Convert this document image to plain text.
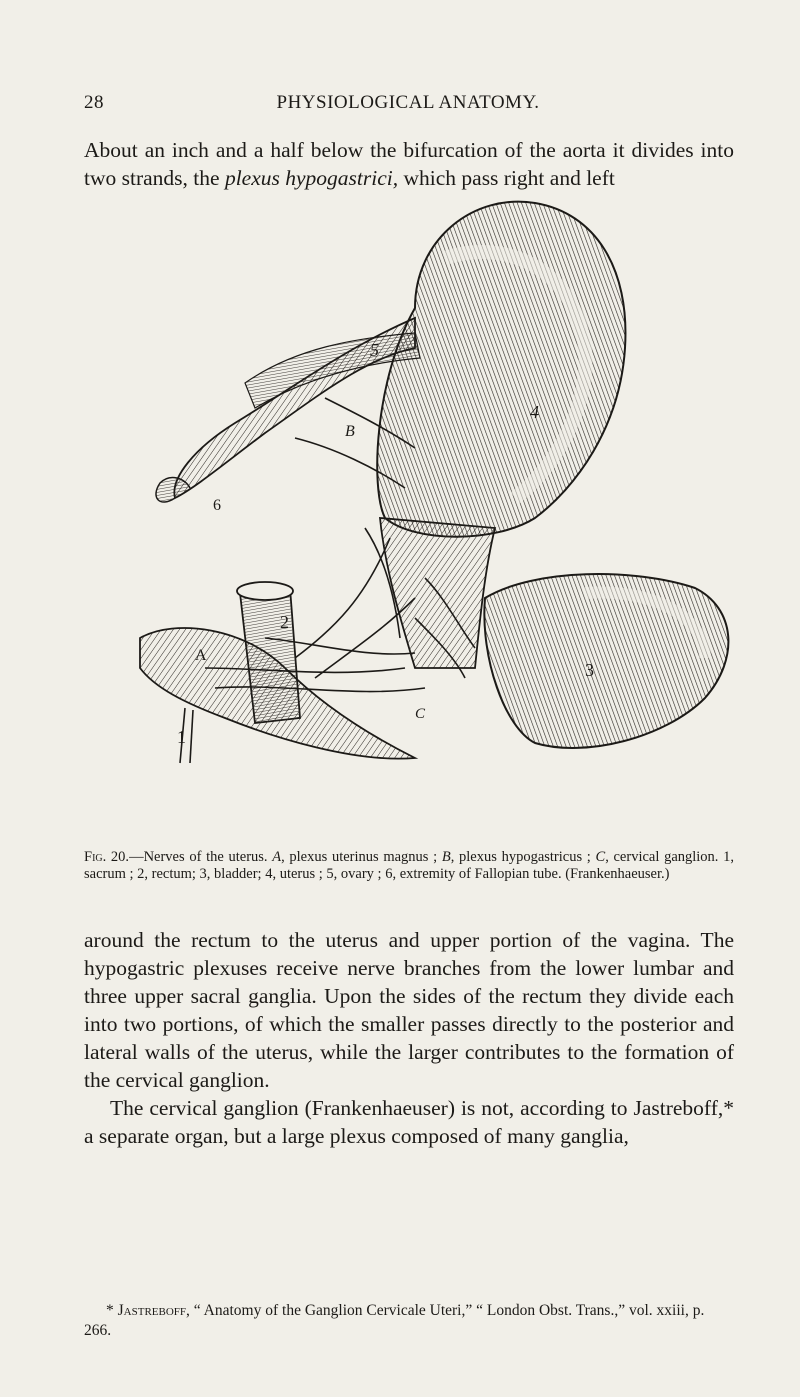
28	PHYSIOLOGICAL ANATOMY.
About an inch and a half below the bifurcation of the aorta it divides into two strands, the plexus hypogastrici, which pass right and left
B
1
2
3
4
5
6
A
C
Fig. 20.—Nerves of the uterus. A, plexus uterinus magnus ; B, plexus hypogastricus ; C, cervical ganglion. 1, sacrum ; 2, rectum; 3, bladder; 4, uterus ; 5, ovary ; 6, extremity of Fallopian tube. (Frankenhaeuser.)
around the rectum to the uterus and upper portion of the vagina. The hypogastric plexuses receive nerve branches from the lower lumbar and three upper sacral ganglia. Upon the sides of the rectum they divide each into two portions, of which the smaller passes directly to the posterior and lateral walls of the uterus, while the larger contributes to the formation of the cervical ganglion.
The cervical ganglion (Frankenhaeuser) is not, according to Jastreboff,* a separate organ, but a large plexus composed of many ganglia,
* Jastreboff, “ Anatomy of the Ganglion Cervicale Uteri,” “ London Obst. Trans.,” vol. xxiii, p. 266.
